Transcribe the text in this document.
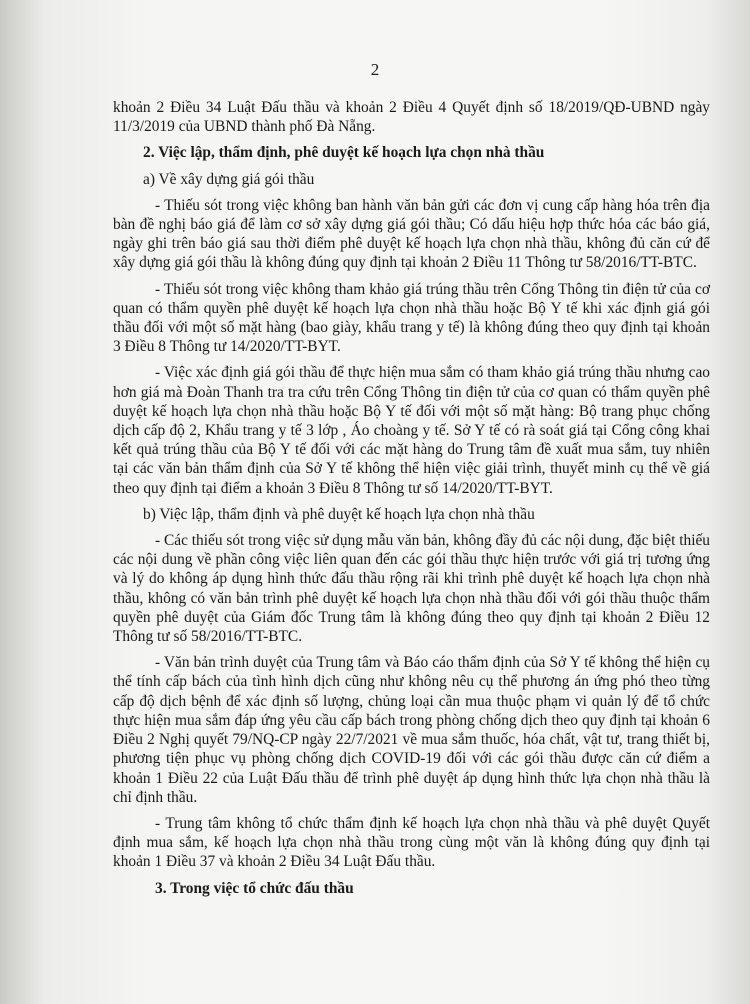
2

khoản 2 Điều 34 Luật Đấu thầu và khoản 2 Điều 4 Quyết định số 18/2019/QĐ-UBND ngày 11/3/2019 của UBND thành phố Đà Nẵng.

2. Việc lập, thẩm định, phê duyệt kế hoạch lựa chọn nhà thầu

a) Về xây dựng giá gói thầu

- Thiếu sót trong việc không ban hành văn bản gửi các đơn vị cung cấp hàng hóa trên địa bàn đề nghị báo giá để làm cơ sở xây dựng giá gói thầu; Có dấu hiệu hợp thức hóa các báo giá, ngày ghi trên báo giá sau thời điểm phê duyệt kế hoạch lựa chọn nhà thầu, không đủ căn cứ để xây dựng giá gói thầu là không đúng quy định tại khoản 2 Điều 11 Thông tư 58/2016/TT-BTC.

- Thiếu sót trong việc không tham khảo giá trúng thầu trên Cổng Thông tin điện tử của cơ quan có thẩm quyền phê duyệt kế hoạch lựa chọn nhà thầu hoặc Bộ Y tế khi xác định giá gói thầu đối với một số mặt hàng (bao giày, khẩu trang y tế) là không đúng theo quy định tại khoản 3 Điều 8 Thông tư 14/2020/TT-BYT.

- Việc xác định giá gói thầu để thực hiện mua sắm có tham khảo giá trúng thầu nhưng cao hơn giá mà Đoàn Thanh tra tra cứu trên Cổng Thông tin điện tử của cơ quan có thẩm quyền phê duyệt kế hoạch lựa chọn nhà thầu hoặc Bộ Y tế đối với một số mặt hàng: Bộ trang phục chống dịch cấp độ 2, Khẩu trang y tế 3 lớp , Áo choàng y tế. Sở Y tế có rà soát giá tại Cổng công khai kết quả trúng thầu của Bộ Y tế đối với các mặt hàng do Trung tâm đề xuất mua sắm, tuy nhiên tại các văn bản thẩm định của Sở Y tế không thể hiện việc giải trình, thuyết minh cụ thể về giá theo quy định tại điểm a khoản 3 Điều 8 Thông tư số 14/2020/TT-BYT.

b) Việc lập, thẩm định và phê duyệt kế hoạch lựa chọn nhà thầu

- Các thiếu sót trong việc sử dụng mẫu văn bản, không đầy đủ các nội dung, đặc biệt thiếu các nội dung về phần công việc liên quan đến các gói thầu thực hiện trước với giá trị tương ứng và lý do không áp dụng hình thức đấu thầu rộng rãi khi trình phê duyệt kế hoạch lựa chọn nhà thầu, không có văn bản trình phê duyệt kế hoạch lựa chọn nhà thầu đối với gói thầu thuộc thẩm quyền phê duyệt của Giám đốc Trung tâm là không đúng theo quy định tại khoản 2 Điều 12 Thông tư số 58/2016/TT-BTC.

- Văn bản trình duyệt của Trung tâm và Báo cáo thẩm định của Sở Y tế không thể hiện cụ thể tính cấp bách của tình hình dịch cũng như không nêu cụ thể phương án ứng phó theo từng cấp độ dịch bệnh để xác định số lượng, chủng loại cần mua thuộc phạm vi quản lý để tổ chức thực hiện mua sắm đáp ứng yêu cầu cấp bách trong phòng chống dịch theo quy định tại khoản 6 Điều 2 Nghị quyết 79/NQ-CP ngày 22/7/2021 về mua sắm thuốc, hóa chất, vật tư, trang thiết bị, phương tiện phục vụ phòng chống dịch COVID-19 đối với các gói thầu được căn cứ điểm a khoản 1 Điều 22 của Luật Đấu thầu để trình phê duyệt áp dụng hình thức lựa chọn nhà thầu là chỉ định thầu.

- Trung tâm không tổ chức thẩm định kế hoạch lựa chọn nhà thầu và phê duyệt Quyết định mua sắm, kế hoạch lựa chọn nhà thầu trong cùng một văn là không đúng quy định tại khoản 1 Điều 37 và khoản 2 Điều 34 Luật Đấu thầu.

3. Trong việc tổ chức đấu thầu
